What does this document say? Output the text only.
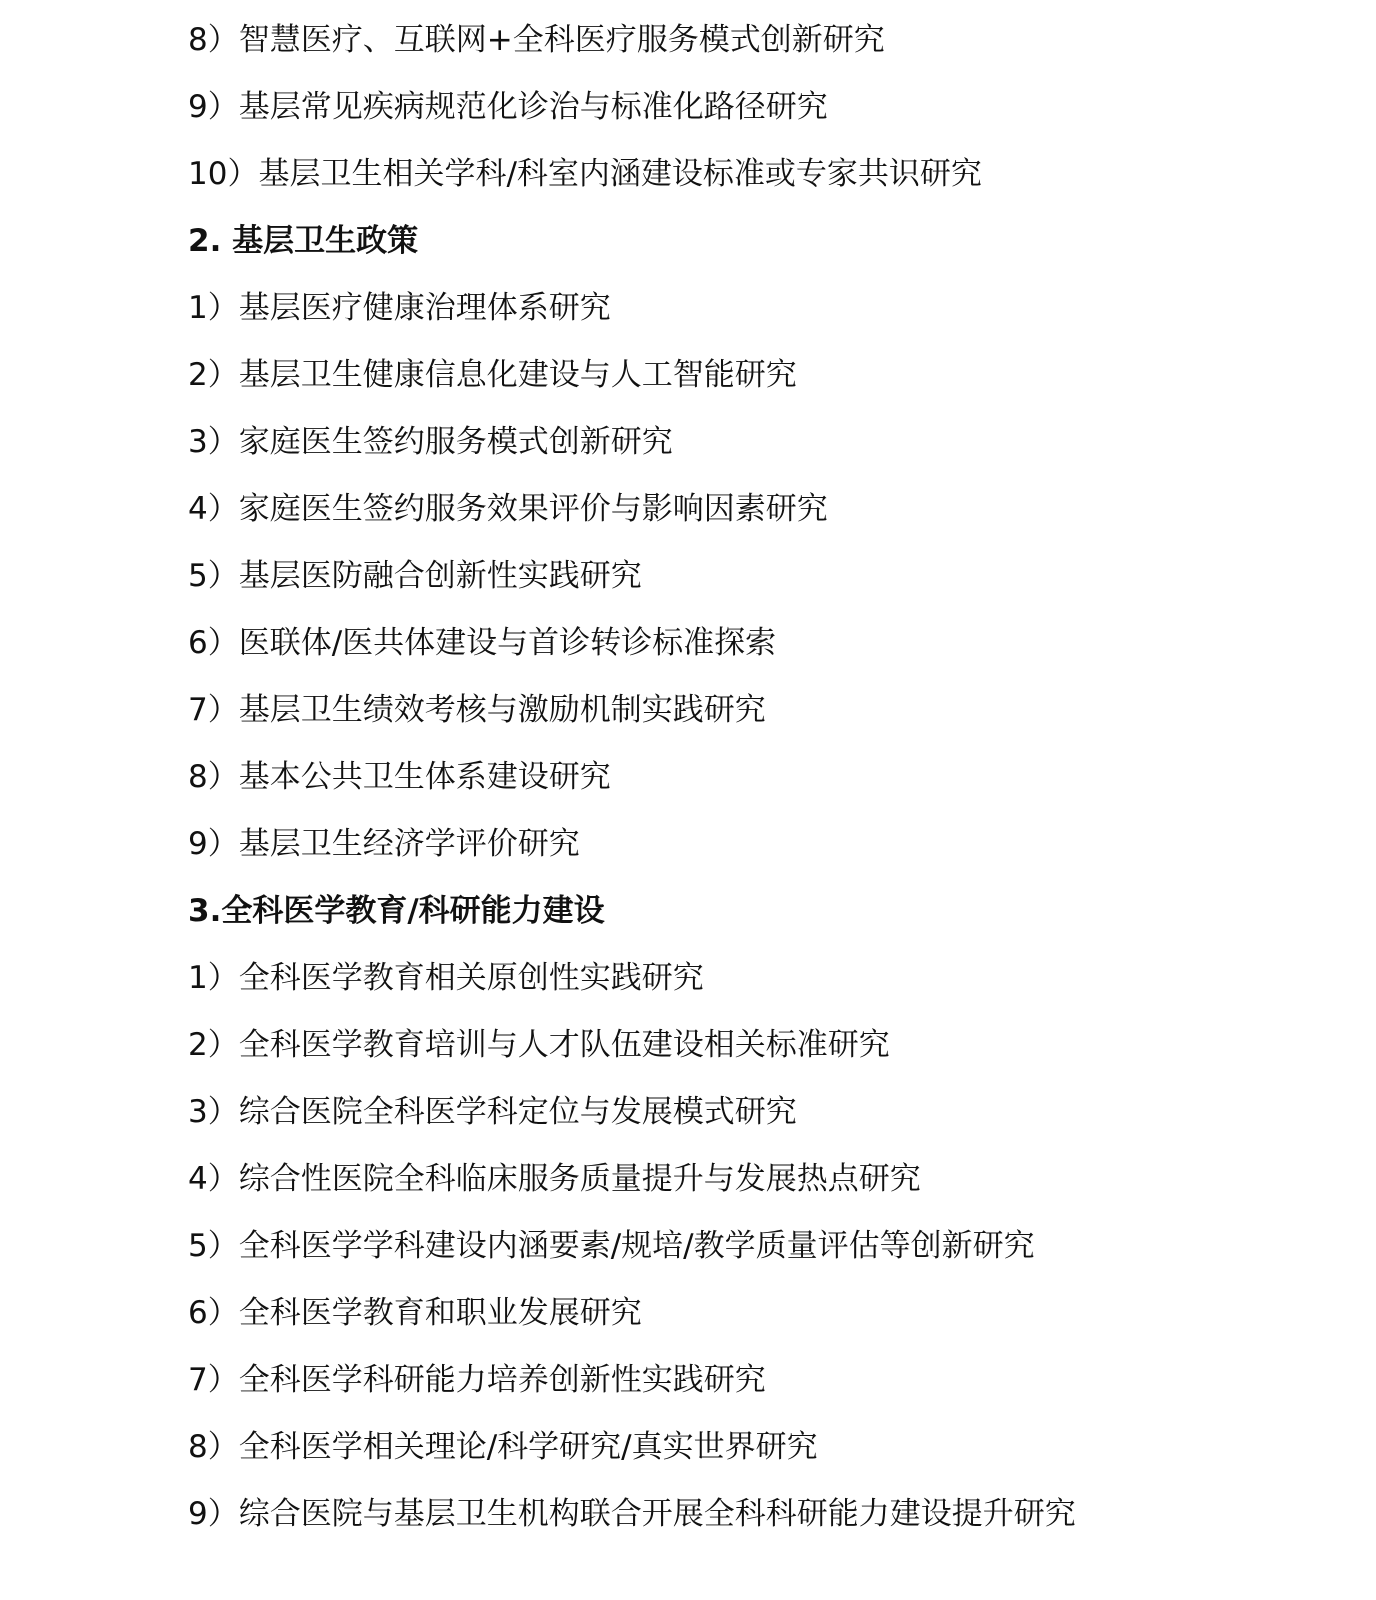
8）智慧医疗、互联网+全科医疗服务模式创新研究
9）基层常见疾病规范化诊治与标准化路径研究
10）基层卫生相关学科/科室内涵建设标准或专家共识研究
2. 基层卫生政策
1）基层医疗健康治理体系研究
2）基层卫生健康信息化建设与人工智能研究
3）家庭医生签约服务模式创新研究
4）家庭医生签约服务效果评价与影响因素研究
5）基层医防融合创新性实践研究
6）医联体/医共体建设与首诊转诊标准探索
7）基层卫生绩效考核与激励机制实践研究
8）基本公共卫生体系建设研究
9）基层卫生经济学评价研究
3.全科医学教育/科研能力建设
1）全科医学教育相关原创性实践研究
2）全科医学教育培训与人才队伍建设相关标准研究
3）综合医院全科医学科定位与发展模式研究
4）综合性医院全科临床服务质量提升与发展热点研究
5）全科医学学科建设内涵要素/规培/教学质量评估等创新研究
6）全科医学教育和职业发展研究
7）全科医学科研能力培养创新性实践研究
8）全科医学相关理论/科学研究/真实世界研究
9）综合医院与基层卫生机构联合开展全科科研能力建设提升研究
